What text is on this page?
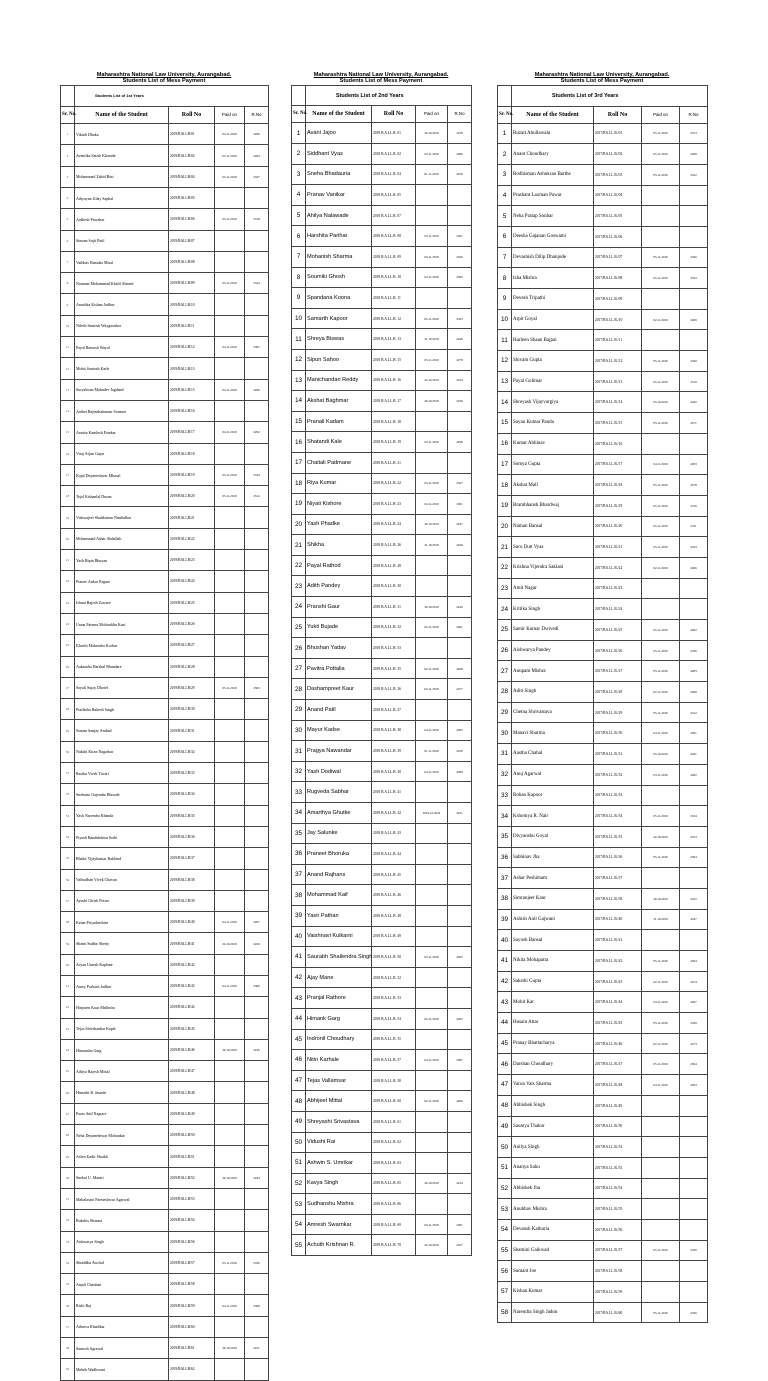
Maharashtra National Law University, Aurangabad.
Students List of Mess Payment
	Students List of 1st Years			
Sr. No.	Name of the Student	Roll No	Paid on	R.No
1	Vikash Dhaka	2019/BALLB/01	04.11.2019	2296
2	Avantika Satish Kharade	2019/BALLB/02	05.11.2019	2264
3	Mohammad Zahid Butt	2019/BALLB/04	05.11.2019	2337
4	Athyayna Uday Saphal	2019/BALLB/05		
5	Ardhesh Pawahar	2019/BALLB/06	05.11.2019	2318
6	Simran Sujit Patil	2019/BALLB/07		
7	Vaibhav Ramdas Misal	2019/BALLB/08		
8	Nauman Mohammad Khalil Ahmed	2019/BALLB/09	05.11.2019	2324
9	Anushka Kishan Jadhav	2019/BALLB/10		
10	Nilesh Santosh Waygaonkar	2019/BALLB/11		
11	Payal Ramesh Wayal	2019/BALLB/12	04.11.2019	2305
12	Mohit Santosh Karle	2019/BALLB/13		
13	Suryakiran Mahadev Jagdand	2019/BALLB/15	04.11.2019	2296
14	Aniket Rajendrakumar Sonawe	2019/BALLB/16		
15	Asmita Kamlesh Patekar	2019/BALLB/17	04.11.2019	2292
16	Viraj Arjun Gujar	2019/BALLB/18		
17	Kajal Dnyaneshwar Mhasal	2019/BALLB/19	05.11.2019	2334
18	Tejal Kishanlal Dusen	2019/BALLB/20	05.11.2019	2314
19	Vishwajeet Shahkumar Nimbalkar	2019/BALLB/21		
20	Mohammad Ashar Abdullah	2019/BALLB/22		
21	Yash Bipin Bhuyan	2019/BALLB/23		
22	Pranav Ankur Pagare	2019/BALLB/24		
23	Ishani Rajesh Zaware	2019/BALLB/25		
24	Usma Fatema Mohiuddin Kazi	2019/BALLB/26		
25	Khushi Mahendra Kochar	2019/BALLB/27		
26	Aakansha Harshal Bhandare	2019/BALLB/28		
27	Sayali Sujay Dhotel	2019/BALLB/29	05.11.2019	2303
28	Pratiksha Rakesh Singh	2019/BALLB/30		
29	Sonam Sanjay Ambad	2019/BALLB/31		
30	Nakshi Kiran Nagarkar	2019/BALLB/32		
31	Rasika Vivek Tiwari	2019/BALLB/33		
32	Snehaasi Gajendar Bhosale	2019/BALLB/34		
33	Yash Narendra Khanda	2019/BALLB/35		
34	Piyush Bandukdeen Sethi	2019/BALLB/36		
35	Bhakti Vijaykumar Rakhind	2019/BALLB/37		
36	Vaibudhan Vivek Chavan	2019/BALLB/38		
37	Ayushi Girish Potwe	2019/BALLB/39		
38	Ketan Priyadarshini	2019/BALLB/40	04.11.2019	2297
39	Shanti Sudhir Shetty	2019/BALLB/41	24.10.2019	2226
40	Aryan Umesh Kaplane	2019/BALLB/42		
41	Amey Prakash Jadhav	2019/BALLB/43	04.11.2019	2306
42	Harjasen Kaur Malhotra	2019/BALLB/44		
43	Tejas Shivshankar Kaple	2019/BALLB/45		
44	Himanshu Garg	2019/BALLB/46	30.10.2019	2245
45	Aditya Rajesh Mittal	2019/BALLB/47		
46	Himadri R. Jaunde	2019/BALLB/48		
47	Paras Anil Nagrare	2019/BALLB/49		
48	Neha Dnyaneshwar Mohankar	2019/BALLB/50		
49	Ashra Kadir Shaikh	2019/BALLB/51		
50	Snehal U. Mantri	2019/BALLB/52	30.10.2019	2244
51	Mahalaxmi Parmeshwar Agarwal	2019/BALLB/53		
52	Rukshis Sharma	2019/BALLB/54		
53	Aishwarya Singh	2019/BALLB/56		
54	Shraddha Awchal	2019/BALLB/57	05.11.2019	2330
55	Anjali Chauhan	2019/BALLB/58		
56	Rishi Raj	2019/BALLB/59	04.11.2019	2308
57	Atharva Khadikar	2019/BALLB/60		
58	Santosh Agrawal	2019/BALLB/61	29.10.2019	2231
59	Mehek Wadhwani	2019/BALLB/62		
Maharashtra National Law University, Aurangabad.
Students List of Mess Payment
	Students List of 2nd Years			
Sr. No.	Name of the Student	Roll No	Paid on	R.No
1	Avani Jajoo	2018 B.A.LL.B. 01	30.10.2019	2239
2	Siddhant Vyas	2018 B.A.LL.B. 02	03.11.2019	2266
3	Sneha Bhadauria	2018 B.A.LL.B. 04	01.11.2019	2259
4	Pranav Vanikar	2018 B.A.LL.B. 05		
5	Ahilya Nalawade	2018 B.A.LL.B. 07		
6	Harshita Parihar	2018 B.A.LL.B. 08	03.11.2019	2321
7	Mohanish Sharma	2018 B.A.LL.B. 09	03.11.2019	2326
8	Soumiki Ghosh	2018 B.A.LL.B. 10	04.11.2019	2300
9	Spandana Koona	2018 B.A.LL.B. 11		
10	Samarth Kapoor	2018 B.A.LL.B. 12	05.11.2019	2325
11	Shreya Biswas	2018 B.A.LL.B. 13	31.10.2019	2246
12	Sipun Sahoo	2018 B.A.LL.B. 15	03.11.2019	2279
13	Manichandan Reddy	2018 B.A.LL.B. 16	24.10.2019	2224
14	Akshat Baghmar	2018 B.A.LL.B. 17	29.10.2019	2236
15	Pranali Kadam	2018 B.A.LL.B. 18		
16	Shatandi Kale	2018 B.A.LL.B. 19	03.11.2019	2248
17	Chaitali Padmane	2018 B.A.LL.B. 21		
18	Riya Kumar	2018 B.A.LL.B. 22	03.11.2019	2327
19	Niyati Kishore	2018 B.A.LL.B. 23	04.11.2019	2301
20	Yash Phadke	2018 B.A.LL.B. 24	30.10.2019	2237
21	Shikha	2018 B.A.LL.B. 26	31.10.2019	2249
22	Payal Rathod	2018 B.A.LL.B. 28		
23	Adith Pandey	2018 B.A.LL.B. 30		
24	Pranshi Gaur	2018 B.A.LL.B. 31	30.10.2019	2240
25	Yukti Bujade	2018 B.A.LL.B. 32	02.11.2019	2261
26	Bhushan Yadav	2018 B.A.LL.B. 33		
27	Pavitra Pottalia	2018 B.A.LL.B. 35	02.11.2019	2268
28	Dashampreet Kaur	2018 B.A.LL.B. 36	02.11.2019	2277
29	Anand Patil	2018 B.A.LL.B. 37		
30	Mayur Kadse	2018 B.A.LL.B. 38	04.11.2019	2285
31	Pragya Nawandar	2018 B.A.LL.B. 39	01.11.2019	2258
32	Yash Dodiwal	2018 B.A.LL.B. 40	04.11.2019	2289
33	Rugveda Sabhar	2018 B.A.LL.B. 41		
34	Amarthya Ghutke	2018 B.A.LL.B. 42	2019.10.2019	2231
35	Jay Salunke	2018 B.A.LL.B. 43		
36	Praneet Bhoruka	2018 B.A.LL.B. 44		
37	Anand Rajhans	2018 B.A.LL.B. 45		
38	Mohammad Kaif	2018 B.A.LL.B. 46		
39	Yasir Pathan	2018 B.A.LL.B. 48		
40	Vaishnavi Kulkarni	2018 B.A.LL.B. 49		
41	Saurabh Shailendra Singh	2018 B.A.LL.B. 50	03.11.2019	2265
42	Ajay Mane	2018 B.A.LL.B. 52		
43	Pranjal Rathore	2018 B.A.LL.B. 53		
44	Himank Garg	2018 B.A.LL.B. 54	02.11.2019	2265
45	Indronil Choudhary	2018 B.A.LL.B. 55		
46	Nitin Karhale	2018 B.A.LL.B. 57	04.11.2019	2287
47	Tejas Vallamsar	2018 B.A.LL.B. 58		
48	Abhijeet Mittal	2018 B.A.LL.B. 60	02.11.2019	2260
49	Shreyashi Srivastava	2018 B.A.LL.B. 61		
50	Vidushi Rai	2018 B.A.LL.B. 62		
51	Ashwin S. Umrikar	2018 B.A.LL.B. 63		
52	Kavya Singh	2018 B.A.LL.B. 65	29.10.2019	2234
53	Sudhanshu Mishra	2018 B.A.LL.B. 66		
54	Amresh Swarnkar	2018 B.A.LL.B. 69	03.11.2019	2281
55	Achuth Krishnan R.	2018 B.A.LL.B. 70	24.10.2019	2227
Maharashtra National Law University, Aurangabad.
Students List of Mess Payment
	Students List of 3rd Years			
Sr. No.	Name of the Student	Roll No	Paid on	R.No
1	Ruzait Abullawala	2017/BA.LL.B./01	05.11.2019	2313
2	Anant Choudhary	2017/BA.LL.B./02	05.11.2019	2269
3	Bodhisman Ashokrao Barthe	2017/BA.LL.B./03	05.11.2019	2322
4	Prashant Laxman Pawar	2017/BA.LL.B./04		
5	Neha Pratap Sonbar	2017/BA.LL.B./05		
6	Deesha Gajanan Goswami	2017/BA.LL.B./06		
7	Devashish Dilip Dhanjode	2017/BA.LL.B./07	05.11.2019	2326
8	Isha Mishra	2017/BA.LL.B./08	05.11.2019	2323
9	Devesh Tripathi	2017/BA.LL.B./09		
10	Arpit Goyal	2017/BA.LL.B./10	02.11.2019	2269
11	Harleen Shaan Bajpai	2017/BA.LL.B./11		
12	Shivam Gupta	2017/BA.LL.B./12	05.11.2019	2320
13	Payal Golimar	2017/BA.LL.B./13	05.11.2019	2319
14	Shreyash Vijayvargiya	2017/BA.LL.B./14	03.10.2019	2242
15	Sayan Kumar Panda	2017/BA.LL.B./15	05.11.2019	2271
16	Kumar Abhinav	2017/BA.LL.B./16		
17	Somya Gupta	2017/BA.LL.B./17	04.11.2019	2293
18	Akshat Mall	2017/BA.LL.B./18	05.11.2019	2278
19	Brambhansh Bhardwaj	2017/BA.LL.B./19	05.11.2019	2316
20	Naman Bansal	2017/BA.LL.B./20	05.11.2019	2311
21	Soru Dutt Vyas	2017/BA.LL.B./21	05.11.2019	2323
22	Krishna Vijendra Saklani	2017/BA.LL.B./22	02.11.2019	2266
23	Amit Nagar	2017/BA.LL.B./23		
24	Kritika Singh	2017/BA.LL.B./24		
25	Samir Kumar Dwivedi	2017/BA.LL.B./25	05.11.2019	2262
26	Aishwarya Pandey	2017/BA.LL.B./26	05.11.2019	2336
27	Anupam Mishra	2017/BA.LL.B./27	05.11.2019	2283
28	Aditi Singh	2017/BA.LL.B./28	02.11.2019	2269
29	Chetna Shrivastava	2017/BA.LL.B./29	05.11.2019	2312
30	Manavi Sharma	2017/BA.LL.B./30	04.11.2019	2291
31	Aastha Chahal	2017/BA.LL.B./31	03.10.2019	2241
32	Anuj Agarwal	2017/BA.LL.B./32	03.11.2019	2282
33	Rohan Kapoor	2017/BA.LL.B./33		
34	Kshomya R. Nair	2017/BA.LL.B./34	05.11.2019	2334
35	Divyanshu Goyal	2017/BA.LL.B./35	24.10.2019	2223
36	Sabhinav Jha	2017/BA.LL.B./36	05.11.2019	2304
37	Ashar Peshimam	2017/BA.LL.B./37		
38	Simranjeet Kaur	2017/BA.LL.B./38	29.10.2019	2232
39	Ashish Anil Gajwani	2017/BA.LL.B./40	31.10.2019	2247
40	Sayush Bansal	2017/BA.LL.B./41		
41	Nikita Mohapatra	2017/BA.LL.B./42	05.11.2019	2294
42	Saksthi Gupta	2017/BA.LL.B./43	02.11.2019	2274
43	Mohit Kar	2017/BA.LL.B./44	04.11.2019	2267
44	Husain Attar	2017/BA.LL.B./45	05.11.2019	2329
45	Pranay Bhattacharya	2017/BA.LL.B./46	02.11.2019	2273
46	Darshan Choudhary	2017/BA.LL.B./47	05.11.2019	2304
47	Varun Vats Sharma	2017/BA.LL.B./48	04.11.2019	2293
48	Abhishek Singh	2017/BA.LL.B./49		
49	Saumya Thakur	2017/BA.LL.B./50		
50	Anilya Singh	2017/BA.LL.B./52		
51	Ananya Sahu	2017/BA.LL.B./53		
52	Abhishek Jha	2017/BA.LL.B./54		
53	Anubhav Mishra	2017/BA.LL.B./55		
54	Devansh Kathuria	2017/BA.LL.B./56		
55	Shamini Gaikwad	2017/BA.LL.B./57	05.11.2019	2330
56	Sumant Joe	2017/BA.LL.B./58		
57	Kishan Kumar	2017/BA.LL.B./59		
58	Narendra Singh Jadon	2017/BA.LL.B./60	05.11.2019	2336
